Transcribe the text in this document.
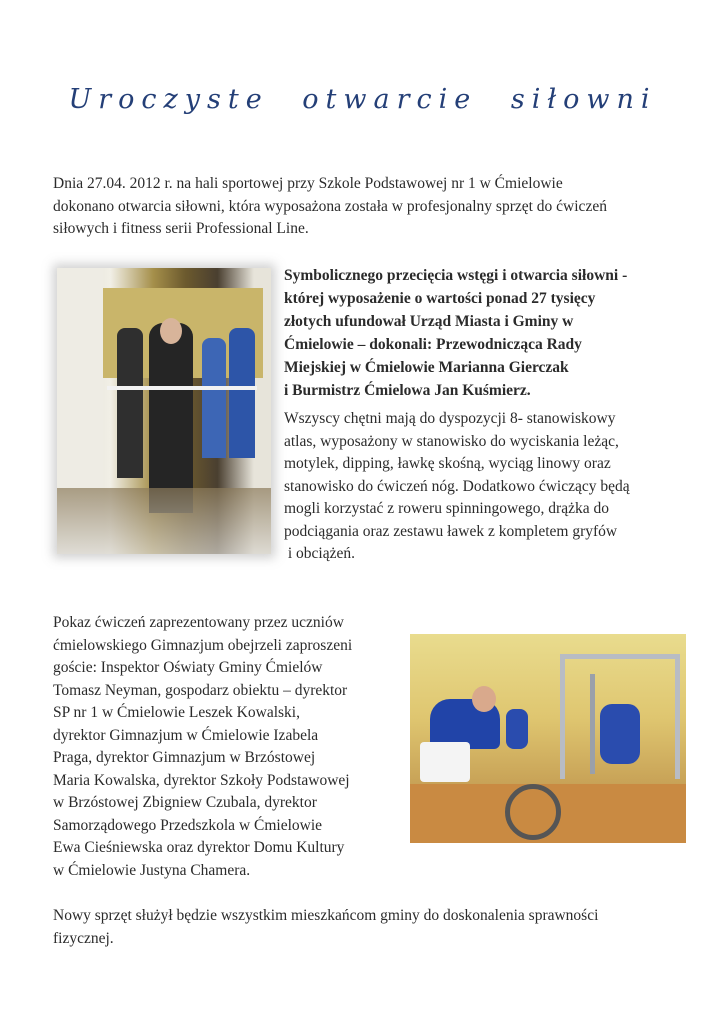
Uroczyste otwarcie siłowni

Dnia 27.04. 2012 r. na hali sportowej przy Szkole Podstawowej nr 1 w Ćmielowie
dokonano otwarcia siłowni, która wyposażona została w profesjonalny sprzęt do ćwiczeń
siłowych i fitness serii Professional Line.

Symbolicznego przecięcia wstęgi i otwarcia siłowni -
której wyposażenie o wartości ponad 27 tysięcy
złotych ufundował Urząd Miasta i Gminy w
Ćmielowie – dokonali: Przewodnicząca Rady
Miejskiej w Ćmielowie Marianna Gierczak
i Burmistrz Ćmielowa Jan Kuśmierz.

Wszyscy chętni mają do dyspozycji 8- stanowiskowy
atlas, wyposażony w stanowisko do wyciskania leżąc,
motylek, dipping, ławkę skośną, wyciąg linowy oraz
stanowisko do ćwiczeń nóg. Dodatkowo ćwiczący będą
mogli korzystać z roweru spinningowego, drążka do
podciągania oraz zestawu ławek z kompletem gryfów
i obciążeń.

Pokaz ćwiczeń zaprezentowany przez uczniów
ćmielowskiego Gimnazjum obejrzeli zaproszeni
goście: Inspektor Oświaty Gminy Ćmielów
Tomasz Neyman, gospodarz obiektu – dyrektor
SP nr 1 w Ćmielowie Leszek Kowalski,
dyrektor Gimnazjum w Ćmielowie Izabela
Praga, dyrektor Gimnazjum w Brzóstowej
Maria Kowalska, dyrektor Szkoły Podstawowej
w Brzóstowej Zbigniew Czubala, dyrektor
Samorządowego Przedszkola w Ćmielowie
Ewa Cieśniewska oraz dyrektor Domu Kultury
w Ćmielowie Justyna Chamera.

Nowy sprzęt służył będzie wszystkim mieszkańcom gminy do doskonalenia sprawności
fizycznej.
